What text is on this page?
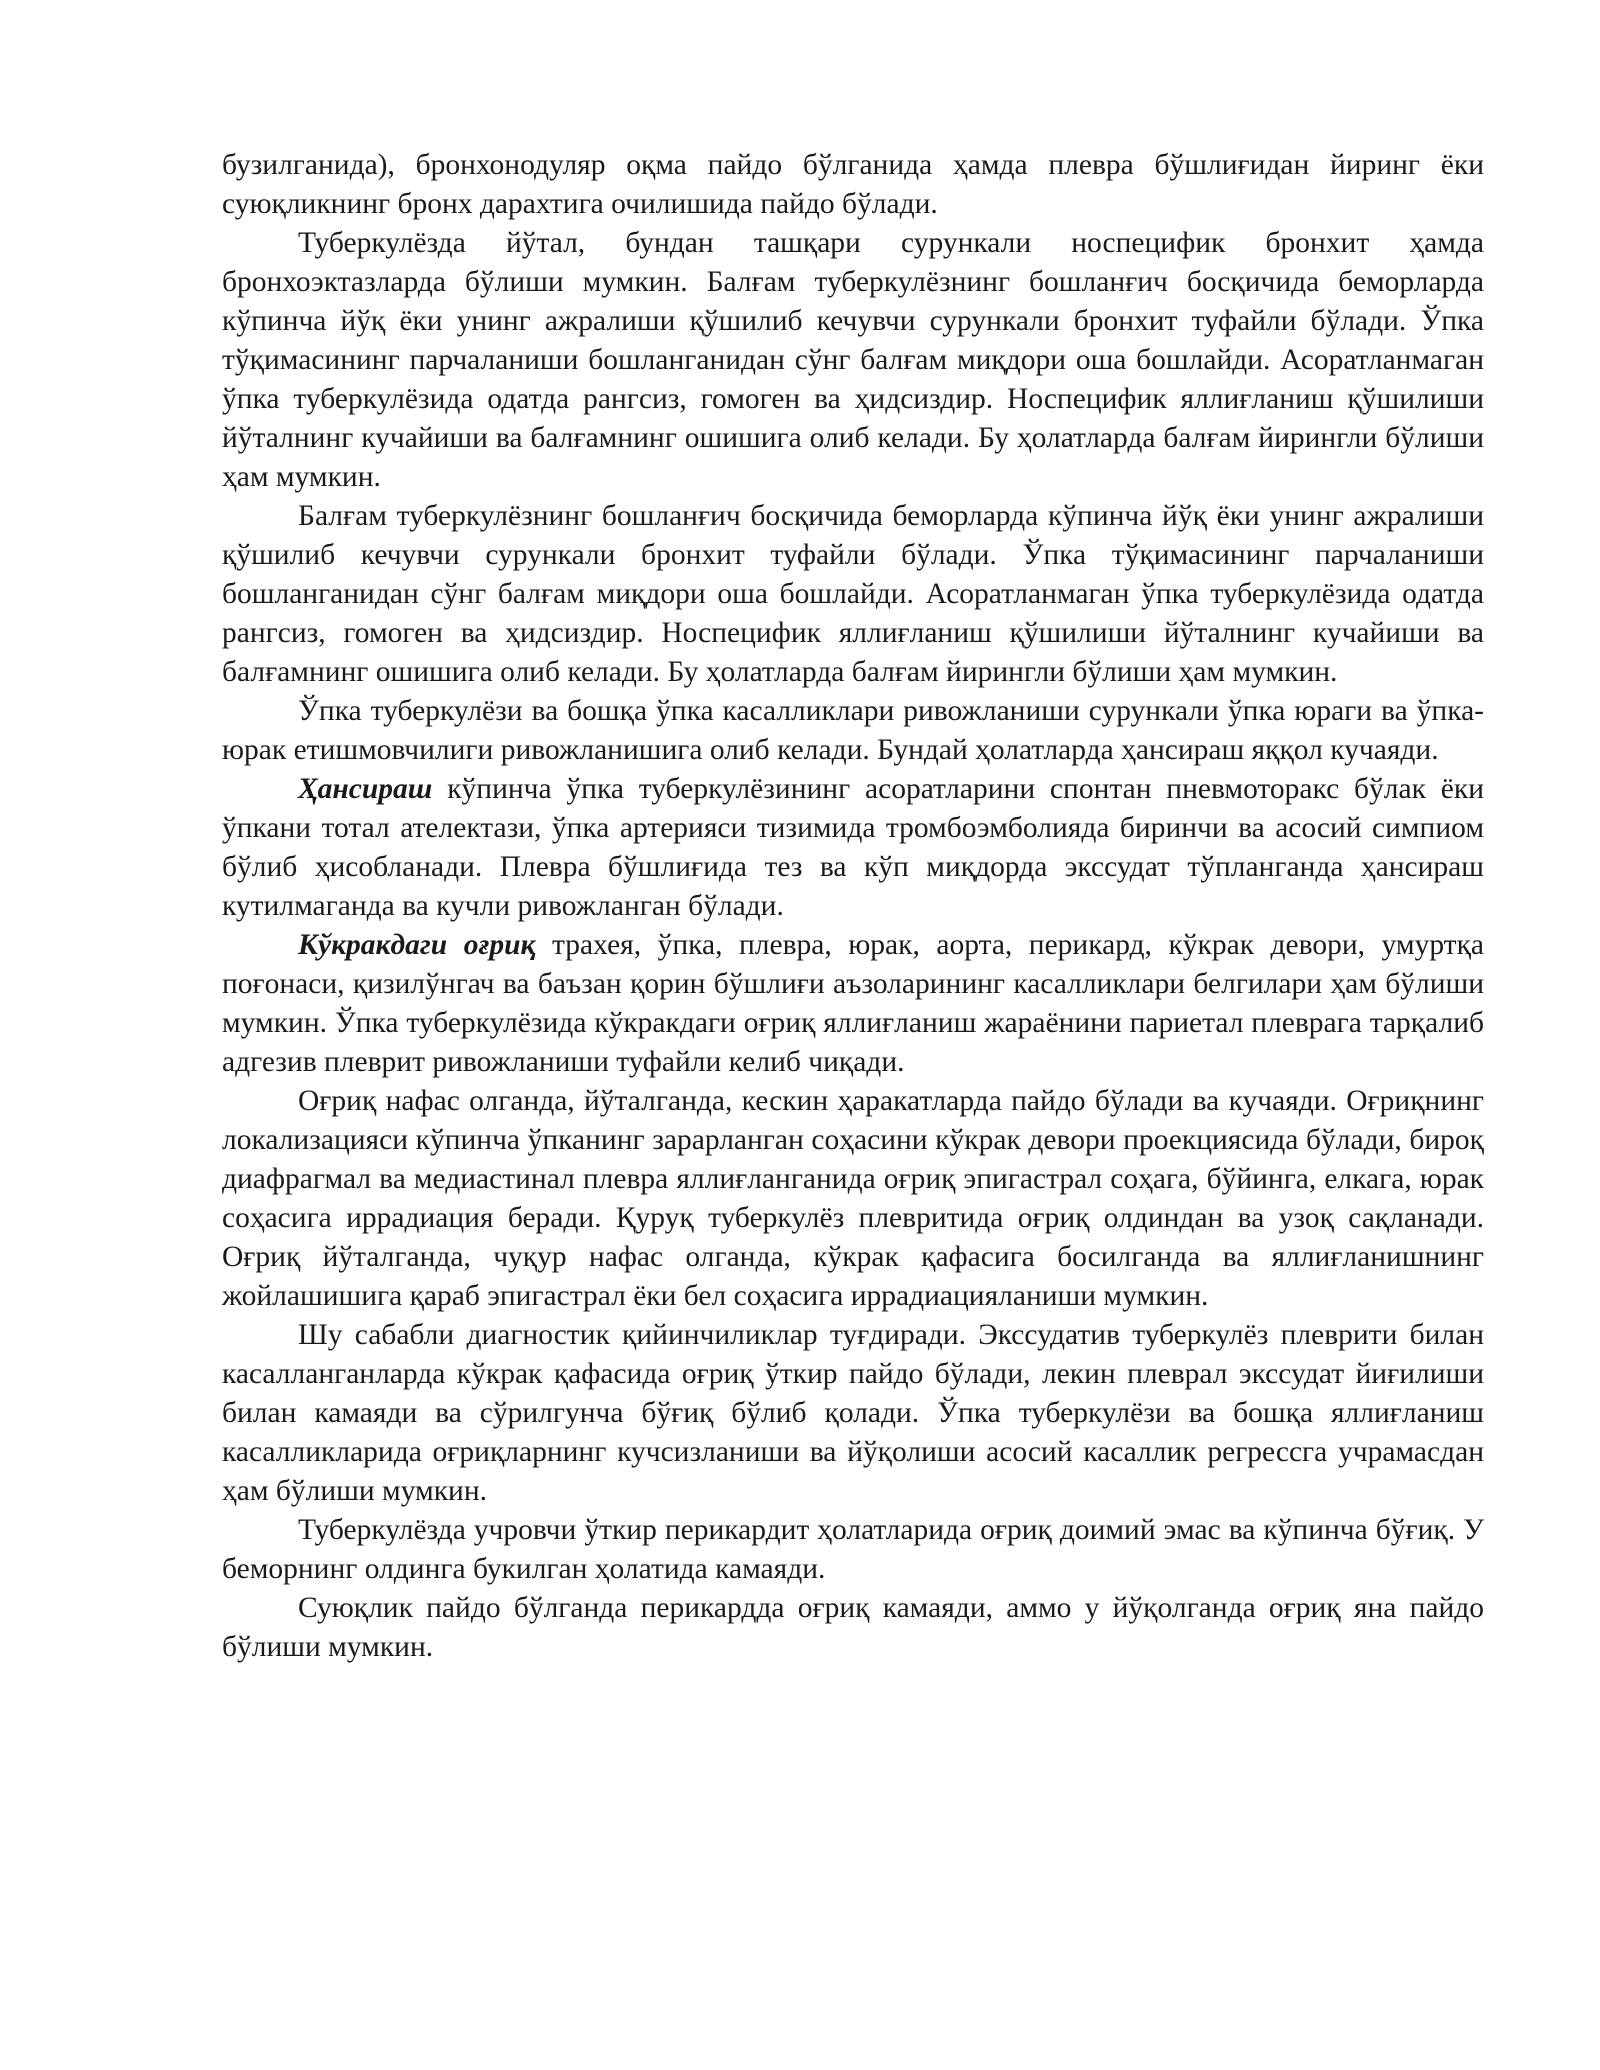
бузилганида), бронхонодуляр оқма пайдо бўлганида ҳамда плевра бўшлиғидан йиринг ёки суюқликнинг бронх дарахтига очилишида пайдо бўлади.

Туберкулёзда йўтал, бундан ташқари сурункали носпецифик бронхит ҳамда бронхоэктазларда бўлиши мумкин. Балғам туберкулёзнинг бошланғич босқичида беморларда кўпинча йўқ ёки унинг ажралиши қўшилиб кечувчи сурункали бронхит туфайли бўлади. Ўпка тўқимасининг парчаланиши бошланганидан сўнг балғам миқдори оша бошлайди. Асоратланмаган ўпка туберкулёзида одатда рангсиз, гомоген ва ҳидсиздир. Носпецифик яллиғланиш қўшилиши йўталнинг кучайиши ва балғамнинг ошишига олиб келади. Бу ҳолатларда балғам йирингли бўлиши ҳам мумкин.

Балғам туберкулёзнинг бошланғич босқичида беморларда кўпинча йўқ ёки унинг ажралиши қўшилиб кечувчи сурункали бронхит туфайли бўлади. Ўпка тўқимасининг парчаланиши бошланганидан сўнг балғам миқдори оша бошлайди. Асоратланмаган ўпка туберкулёзида одатда рангсиз, гомоген ва ҳидсиздир. Носпецифик яллиғланиш қўшилиши йўталнинг кучайиши ва балғамнинг ошишига олиб келади. Бу ҳолатларда балғам йирингли бўлиши ҳам мумкин.

Ўпка туберкулёзи ва бошқа ўпка касалликлари ривожланиши сурункали ўпка юраги ва ўпка-юрак етишмовчилиги ривожланишига олиб келади. Бундай ҳолатларда ҳансираш яққол кучаяди.

Ҳансираш кўпинча ўпка туберкулёзининг асоратларини спонтан пневмоторакс бўлак ёки ўпкани тотал ателектази, ўпка артерияси тизимида тромбоэмболияда биринчи ва асосий симпиом бўлиб ҳисобланади. Плевра бўшлиғида тез ва кўп миқдорда экссудат тўпланганда ҳансираш кутилмаганда ва кучли ривожланган бўлади.

Кўкракдаги оғриқ трахея, ўпка, плевра, юрак, аорта, перикард, кўкрак девори, умуртқа поғонаси, қизилўнгач ва баъзан қорин бўшлиғи аъзоларининг касалликлари белгилари ҳам бўлиши мумкин. Ўпка туберкулёзида кўкракдаги оғриқ яллиғланиш жараёнини париетал плеврага тарқалиб адгезив плеврит ривожланиши туфайли келиб чиқади.

Оғриқ нафас олганда, йўталганда, кескин ҳаракатларда пайдо бўлади ва кучаяди. Оғриқнинг локализацияси кўпинча ўпканинг зарарланган соҳасини кўкрак девори проекциясида бўлади, бироқ диафрагмал ва медиастинал плевра яллиғланганида оғриқ эпигастрал соҳага, бўйинга, елкага, юрак соҳасига иррадиация беради. Қуруқ туберкулёз плевритида оғриқ олдиндан ва узоқ сақланади. Оғриқ йўталганда, чуқур нафас олганда, кўкрак қафасига босилганда ва яллиғланишнинг жойлашишига қараб эпигастрал ёки бел соҳасига иррадиацияланиши мумкин.

Шу сабабли диагностик қийинчиликлар туғдиради. Экссудатив туберкулёз плеврити билан касалланганларда кўкрак қафасида оғриқ ўткир пайдо бўлади, лекин плеврал экссудат йиғилиши билан камаяди ва сўрилгунча бўғиқ бўлиб қолади. Ўпка туберкулёзи ва бошқа яллиғланиш касалликларида оғриқларнинг кучсизланиши ва йўқолиши асосий касаллик регрессга учрамасдан ҳам бўлиши мумкин.

Туберкулёзда учровчи ўткир перикардит ҳолатларида оғриқ доимий эмас ва кўпинча бўғиқ. У беморнинг олдинга букилган ҳолатида камаяди.

Суюқлик пайдо бўлганда перикардда оғриқ камаяди, аммо у йўқолганда оғриқ яна пайдо бўлиши мумкин.
